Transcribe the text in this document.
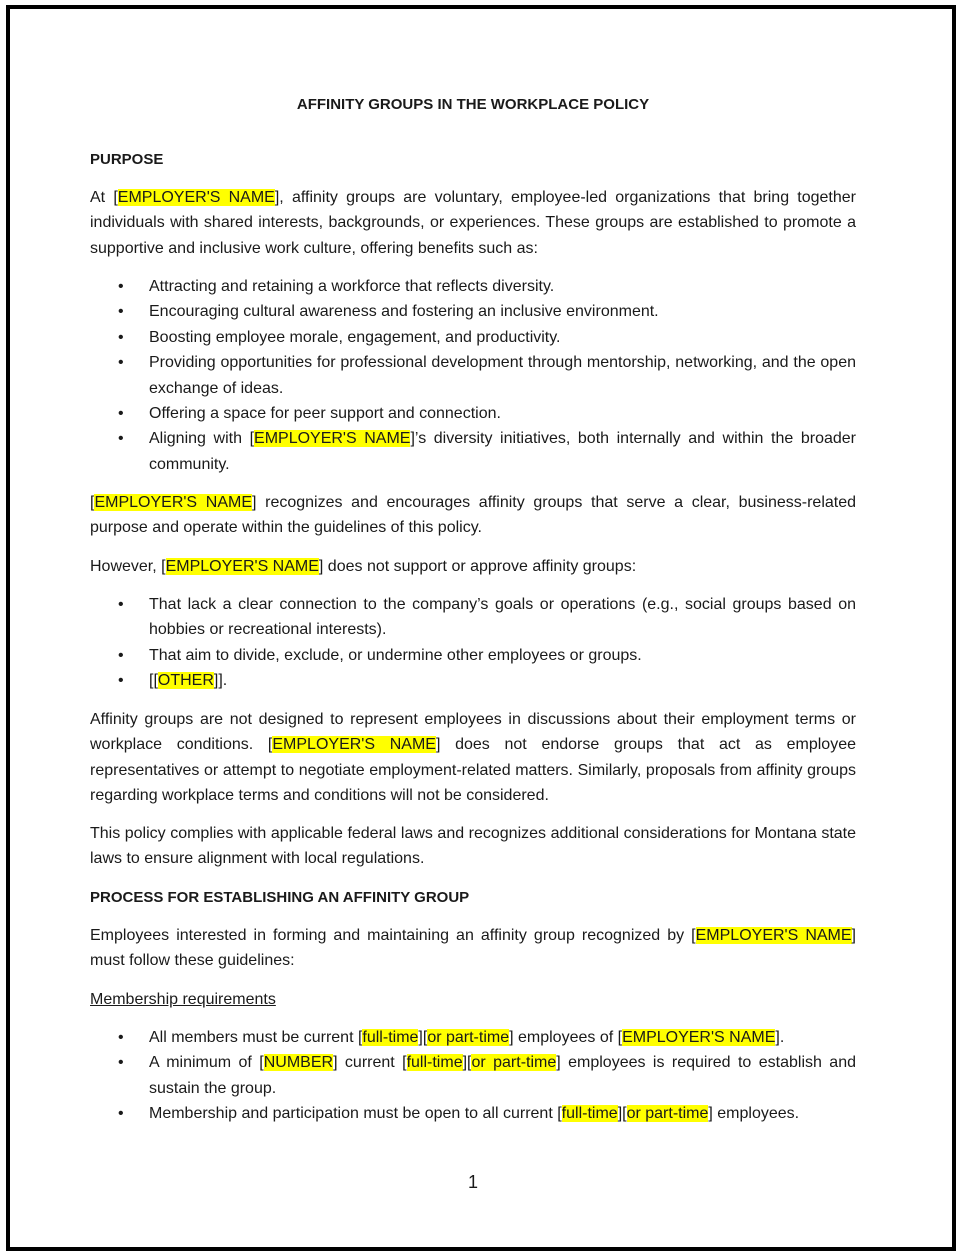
AFFINITY GROUPS IN THE WORKPLACE POLICY
PURPOSE

At [EMPLOYER'S NAME], affinity groups are voluntary, employee-led organizations that bring together individuals with shared interests, backgrounds, or experiences. These groups are established to promote a supportive and inclusive work culture, offering benefits such as:

• Attracting and retaining a workforce that reflects diversity.
• Encouraging cultural awareness and fostering an inclusive environment.
• Boosting employee morale, engagement, and productivity.
• Providing opportunities for professional development through mentorship, networking, and the open exchange of ideas.
• Offering a space for peer support and connection.
• Aligning with [EMPLOYER'S NAME]’s diversity initiatives, both internally and within the broader community.

[EMPLOYER'S NAME] recognizes and encourages affinity groups that serve a clear, business-related purpose and operate within the guidelines of this policy.

However, [EMPLOYER'S NAME] does not support or approve affinity groups:

• That lack a clear connection to the company’s goals or operations (e.g., social groups based on hobbies or recreational interests).
• That aim to divide, exclude, or undermine other employees or groups.
• [[OTHER]].

Affinity groups are not designed to represent employees in discussions about their employment terms or workplace conditions. [EMPLOYER'S NAME] does not endorse groups that act as employee representatives or attempt to negotiate employment-related matters. Similarly, proposals from affinity groups regarding workplace terms and conditions will not be considered.

This policy complies with applicable federal laws and recognizes additional considerations for Montana state laws to ensure alignment with local regulations.

PROCESS FOR ESTABLISHING AN AFFINITY GROUP

Employees interested in forming and maintaining an affinity group recognized by [EMPLOYER'S NAME] must follow these guidelines:

Membership requirements
• All members must be current [full-time][or part-time] employees of [EMPLOYER'S NAME].
• A minimum of [NUMBER] current [full-time][or part-time] employees is required to establish and sustain the group.
• Membership and participation must be open to all current [full-time][or part-time] employees.
1
